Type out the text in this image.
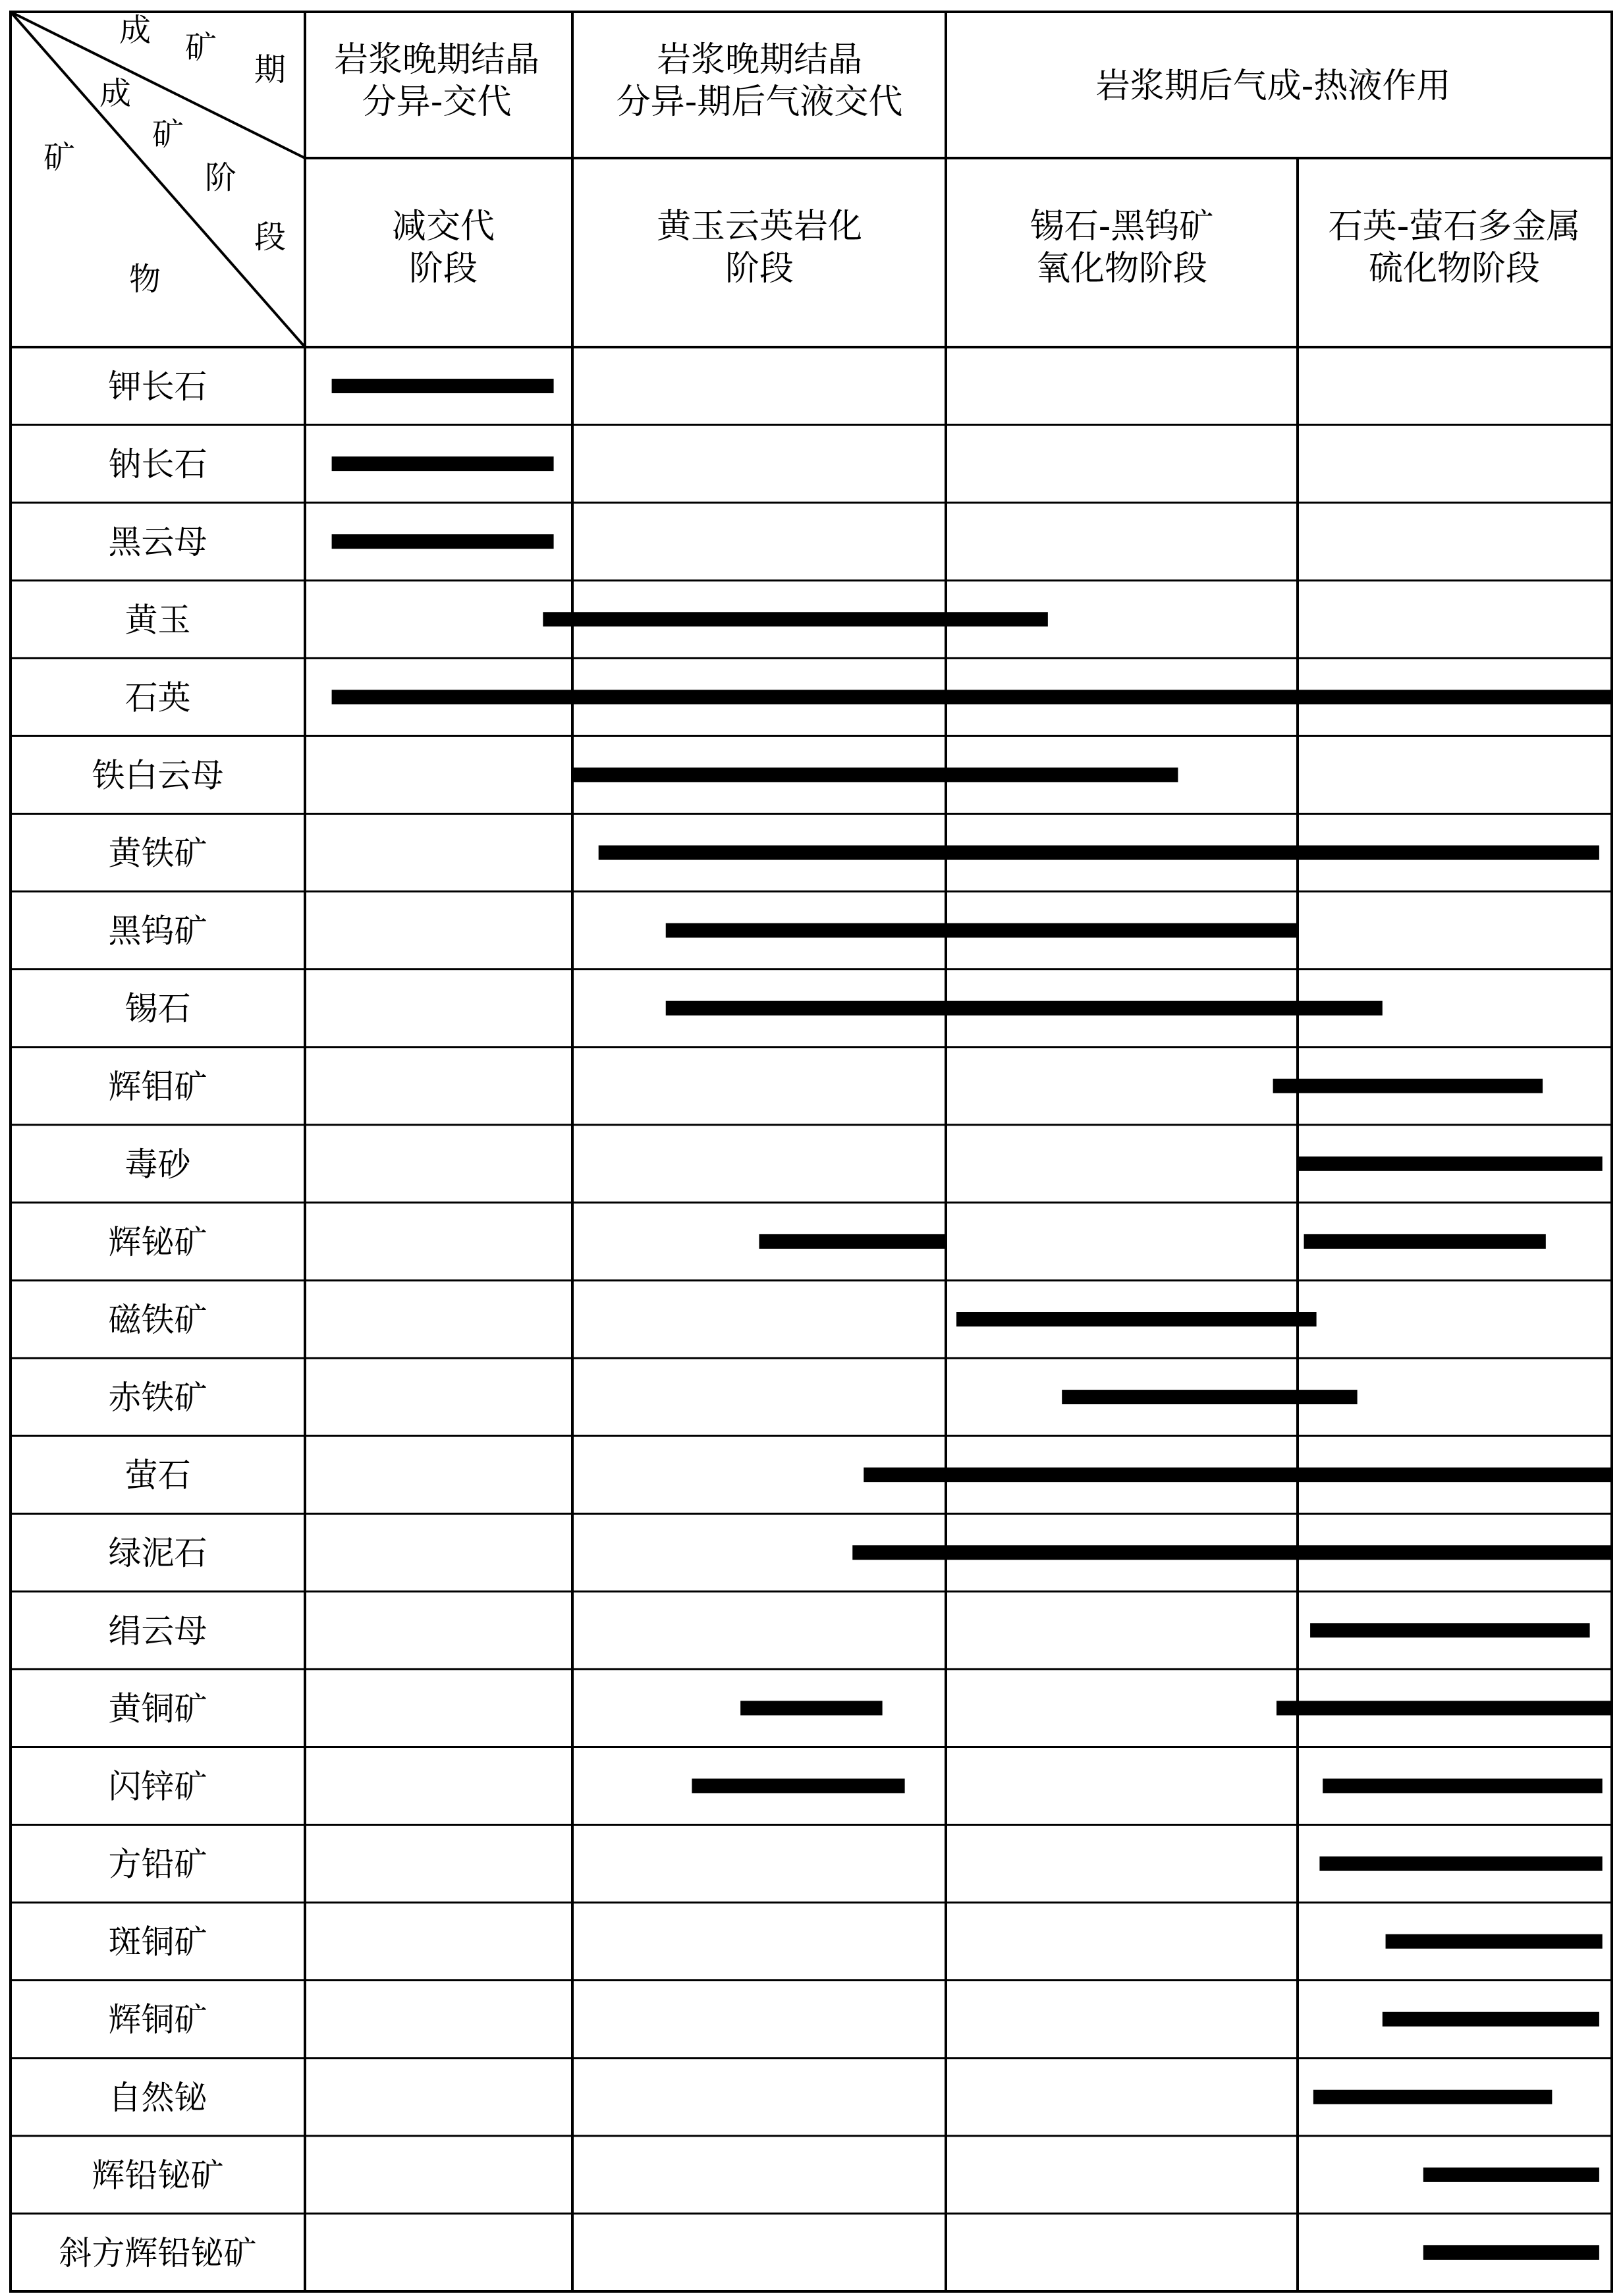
成 矿
期
成
矿
阶
段
矿
物
岩浆晚期结晶
分异-交代
岩浆晚期结晶
分异-期后气液交代	岩浆期后气成-热液作用
减交代
阶段
黄玉云英岩化
阶段
锡石-黑钨矿
氧化物阶段
石英-萤石多金属
硫化物阶段
钾长石
钠长石
黑云母
黄玉
石英
铁白云母
黄铁矿
黑钨矿
锡石
辉钼矿
毒砂
辉铋矿
磁铁矿
赤铁矿
萤石
绿泥石
绢云母
黄铜矿
闪锌矿
方铅矿
斑铜矿
辉铜矿
自然铋
辉铅铋矿
斜方辉铅铋矿
